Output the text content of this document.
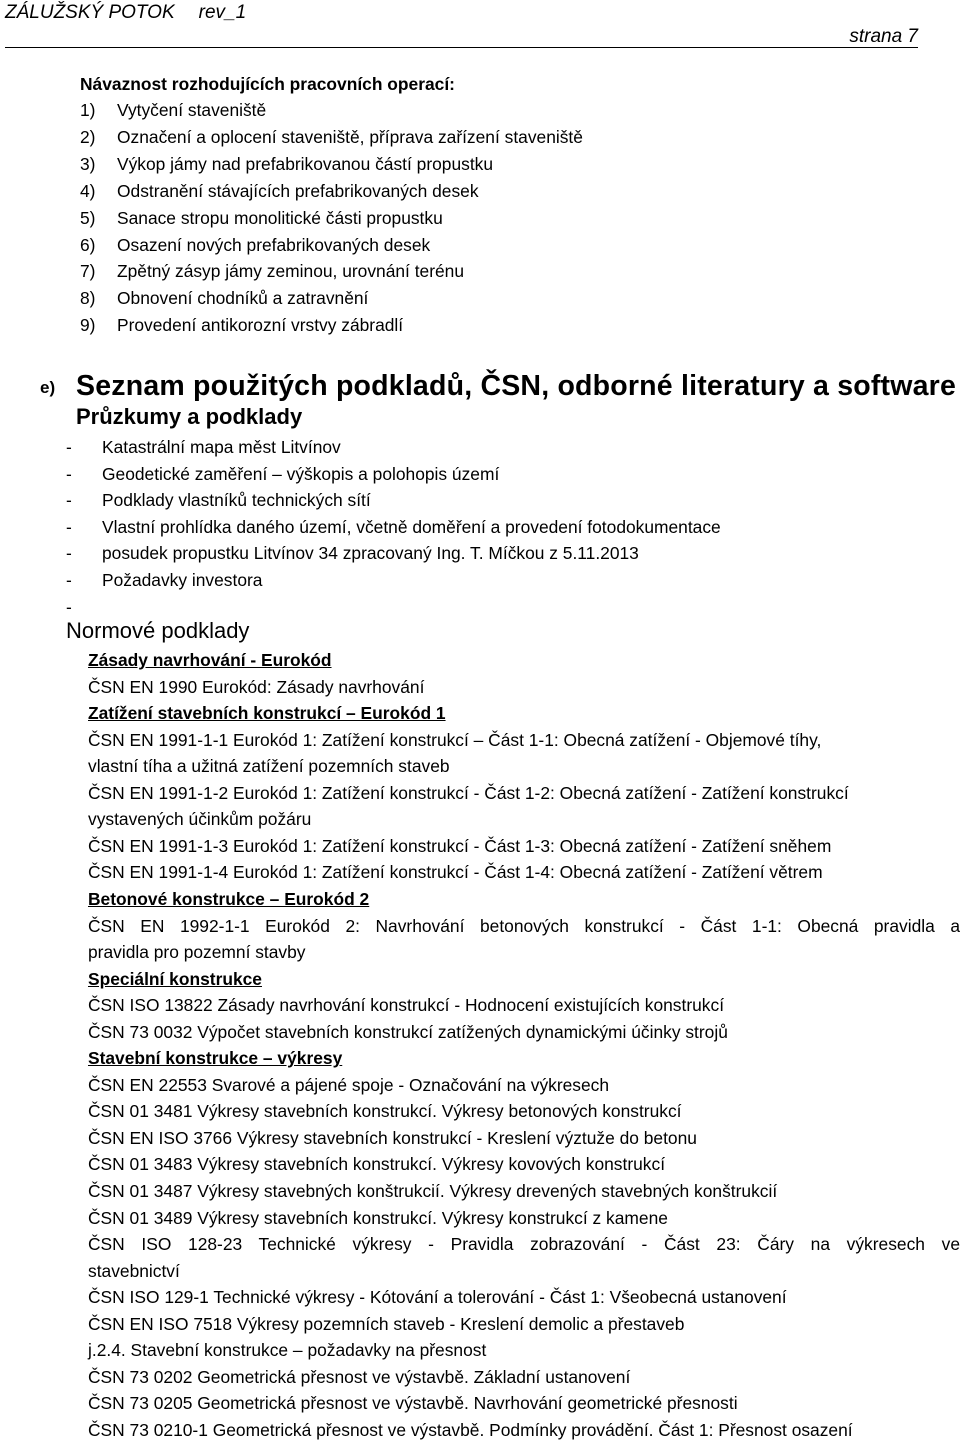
ZÁLUŽSKÝ POTOK rev_1
strana 7
Návaznost rozhodujících pracovních operací:
1) Vytyčení staveniště
2) Označení a oplocení staveniště, příprava zařízení staveniště
3) Výkop jámy nad prefabrikovanou částí propustku
4) Odstranění stávajících prefabrikovaných desek
5) Sanace stropu monolitické části propustku
6) Osazení nových prefabrikovaných desek
7) Zpětný zásyp jámy zeminou, urovnání terénu
8) Obnovení chodníků a zatravnění
9) Provedení antikorozní vrstvy zábradlí
e) Seznam použitých podkladů, ČSN, odborné literatury a software
Průzkumy a podklady
- Katastrální mapa měst Litvínov
- Geodetické zaměření – výškopis a polohopis území
- Podklady vlastníků technických sítí
- Vlastní prohlídka daného území, včetně doměření a provedení fotodokumentace
- posudek propustku Litvínov 34 zpracovaný Ing. T. Míčkou z 5.11.2013
- Požadavky investora
-
Normové podklady
Zásady navrhování - Eurokód
ČSN EN 1990 Eurokód: Zásady navrhování
Zatížení stavebních konstrukcí – Eurokód 1
ČSN EN 1991-1-1 Eurokód 1: Zatížení konstrukcí – Část 1-1: Obecná zatížení - Objemové tíhy,
vlastní tíha a užitná zatížení pozemních staveb
ČSN EN 1991-1-2 Eurokód 1: Zatížení konstrukcí - Část 1-2: Obecná zatížení - Zatížení konstrukcí
vystavených účinkům požáru
ČSN EN 1991-1-3 Eurokód 1: Zatížení konstrukcí - Část 1-3: Obecná zatížení - Zatížení sněhem
ČSN EN 1991-1-4 Eurokód 1: Zatížení konstrukcí - Část 1-4: Obecná zatížení - Zatížení větrem
Betonové konstrukce – Eurokód 2
ČSN EN 1992-1-1 Eurokód 2: Navrhování betonových konstrukcí - Část 1-1: Obecná pravidla a
pravidla pro pozemní stavby
Speciální konstrukce
ČSN ISO 13822 Zásady navrhování konstrukcí - Hodnocení existujících konstrukcí
ČSN 73 0032 Výpočet stavebních konstrukcí zatížených dynamickými účinky strojů
Stavební konstrukce – výkresy
ČSN EN 22553 Svarové a pájené spoje - Označování na výkresech
ČSN 01 3481 Výkresy stavebních konstrukcí. Výkresy betonových konstrukcí
ČSN EN ISO 3766 Výkresy stavebních konstrukcí - Kreslení výztuže do betonu
ČSN 01 3483 Výkresy stavebních konstrukcí. Výkresy kovových konstrukcí
ČSN 01 3487 Výkresy stavebných konštrukcií. Výkresy drevených stavebných konštrukcií
ČSN 01 3489 Výkresy stavebních konstrukcí. Výkresy konstrukcí z kamene
ČSN ISO 128-23 Technické výkresy - Pravidla zobrazování - Část 23: Čáry na výkresech ve
stavebnictví
ČSN ISO 129-1 Technické výkresy - Kótování a tolerování - Část 1: Všeobecná ustanovení
ČSN EN ISO 7518 Výkresy pozemních staveb - Kreslení demolic a přestaveb
j.2.4. Stavební konstrukce – požadavky na přesnost
ČSN 73 0202 Geometrická přesnost ve výstavbě. Základní ustanovení
ČSN 73 0205 Geometrická přesnost ve výstavbě. Navrhování geometrické přesnosti
ČSN 73 0210-1 Geometrická přesnost ve výstavbě. Podmínky provádění. Část 1: Přesnost osazení
